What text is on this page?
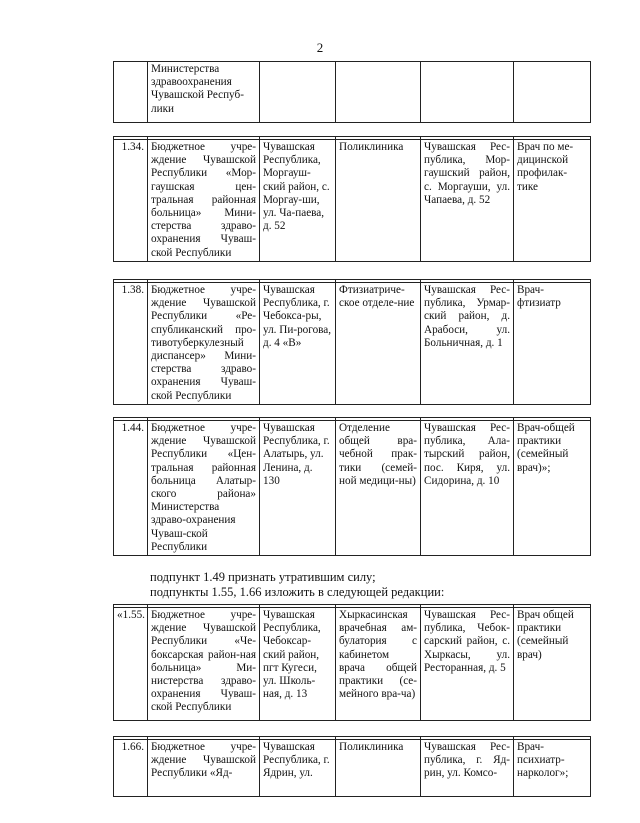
2
	Министерства здравоохранения Чувашской Респуб-лики				

1.34.	Бюджетное учре-ждение Чувашской Республики «Мор-гаушская цен-тральная районная больница» Мини-стерства здраво-охранения Чуваш-ской Республики	Чувашская Республика, Моргауш-ский район, с. Моргау-ши, ул. Ча-паева, д. 52	Поликлиника	Чувашская Рес-публика, Мор-гаушский район, с. Моргауши, ул. Чапаева, д. 52	Врач по ме-дицинской профилак-тике

1.38.	Бюджетное учре-ждение Чувашской Республики «Ре-спубликанский про-тивотуберкулезный диспансер» Мини-стерства здраво-охранения Чуваш-ской Республики	Чувашская Республика, г. Чебокса-ры, ул. Пи-рогова, д. 4 «В»	Фтизиатриче-ское отделе-ние	Чувашская Рес-публика, Урмар-ский район, д. Арабоси, ул. Больничная, д. 1	Врач-фтизиатр

1.44.	Бюджетное учре-ждение Чувашской Республики «Цен-тральная районная больница Алатыр-ского района» Министерства здраво-охранения Чуваш-ской Республики	Чувашская Республика, г. Алатырь, ул. Ленина, д. 130	Отделение общей вра-чебной прак-тики (семей-ной медици-ны)	Чувашская Рес-публика, Ала-тырский район, пос. Киря, ул. Сидорина, д. 10	Врач-общей практики (семейный врач)»;
подпункт 1.49 признать утратившим силу;
подпункты 1.55, 1.66 изложить в следующей редакции:

«1.55.	Бюджетное учре-ждение Чувашской Республики «Че-боксарская район-ная больница» Ми-нистерства здраво-охранения Чуваш-ской Республики	Чувашская Республика, Чебоксар-ский район, пгт Кугеси, ул. Школь-ная, д. 13	Хыркасинская врачебная ам-булатория с кабинетом врача общей практики (се-мейного вра-ча)	Чувашская Рес-публика, Чебок-сарский район, с. Хыркасы, ул. Ресторанная, д. 5	Врач общей практики (семейный врач)

1.66.	Бюджетное учре-ждение Чувашской Республики «Яд-	Чувашская Республика, г. Ядрин, ул.	Поликлиника	Чувашская Рес-публика, г. Яд-рин, ул. Комсо-	Врач-психиатр-нарколог»;
